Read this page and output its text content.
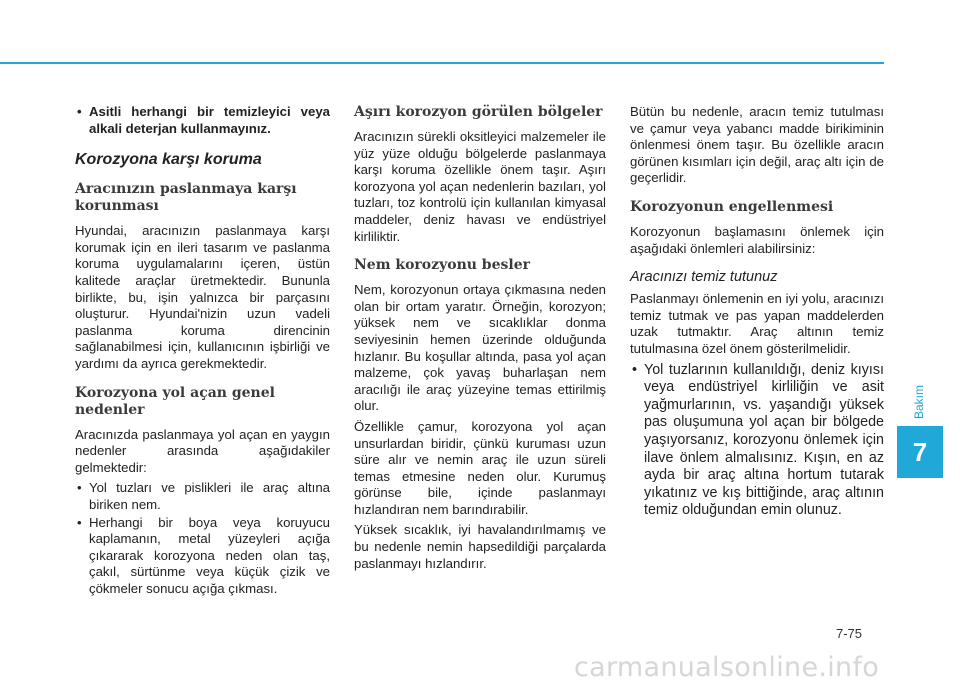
• Asitli herhangi bir temizleyici veya alkali deterjan kullanmayınız.
Korozyona karşı koruma
Aracınızın paslanmaya karşı korunması

Hyundai, aracınızın paslanmaya karşı korumak için en ileri tasarım ve paslanma koruma uygulamalarını içeren, üstün kalitede araçlar üretmektedir. Bununla birlikte, bu, işin yalnızca bir parçasını oluşturur. Hyundai'nizin uzun vadeli paslanma koruma direncinin sağlanabilmesi için, kullanıcının işbirliği ve yardımı da ayrıca gerekmektedir.

Korozyona yol açan genel nedenler

Aracınızda paslanmaya yol açan en yaygın nedenler arasında aşağıdakiler gelmektedir:

• Yol tuzları ve pislikleri ile araç altına biriken nem.
• Herhangi bir boya veya koruyucu kaplamanın, metal yüzeyleri açığa çıkararak korozyona neden olan taş, çakıl, sürtünme veya küçük çizik ve çökmeler sonucu açığa çıkması.
Aşırı korozyon görülen bölgeler

Aracınızın sürekli oksitleyici malzemeler ile yüz yüze olduğu bölgelerde paslanmaya karşı koruma özellikle önem taşır. Aşırı korozyona yol açan nedenlerin bazıları, yol tuzları, toz kontrolü için kullanılan kimyasal maddeler, deniz havası ve endüstriyel kirliliktir.

Nem korozyonu besler

Nem, korozyonun ortaya çıkmasına neden olan bir ortam yaratır. Örneğin, korozyon; yüksek nem ve sıcaklıklar donma seviyesinin hemen üzerinde olduğunda hızlanır. Bu koşullar altında, pasa yol açan malzeme, çok yavaş buharlaşan nem aracılığı ile araç yüzeyine temas ettirilmiş olur.

Özellikle çamur, korozyona yol açan unsurlardan biridir, çünkü kuruması uzun süre alır ve nemin araç ile uzun süreli temas etmesine neden olur. Kurumuş görünse bile, içinde paslanmayı hızlandıran nem barındırabilir.

Yüksek sıcaklık, iyi havalandırılmamış ve bu nedenle nemin hapsedildiği parçalarda paslanmayı hızlandırır.

Bütün bu nedenle, aracın temiz tutulması ve çamur veya yabancı madde birikiminin önlenmesi önem taşır. Bu özellikle aracın görünen kısımları için değil, araç altı için de geçerlidir.

Korozyonun engellenmesi

Korozyonun başlamasını önlemek için aşağıdaki önlemleri alabilirsiniz:

Aracınızı temiz tutunuz

Paslanmayı önlemenin en iyi yolu, aracınızı temiz tutmak ve pas yapan maddelerden uzak tutmaktır. Araç altının temiz tutulmasına özel önem gösterilmelidir.

• Yol tuzlarının kullanıldığı, deniz kıyısı veya endüstriyel kirliliğin ve asit yağmurlarının, vs. yaşandığı yüksek pas oluşumuna yol açan bir bölgede yaşıyorsanız, korozyonu önlemek için ilave önlem almalısınız. Kışın, en az ayda bir araç altına hortum tutarak yıkatınız ve kış bittiğinde, araç altının temiz olduğundan emin olunuz.
Bakım
7
7-75
carmanualsonline.info
